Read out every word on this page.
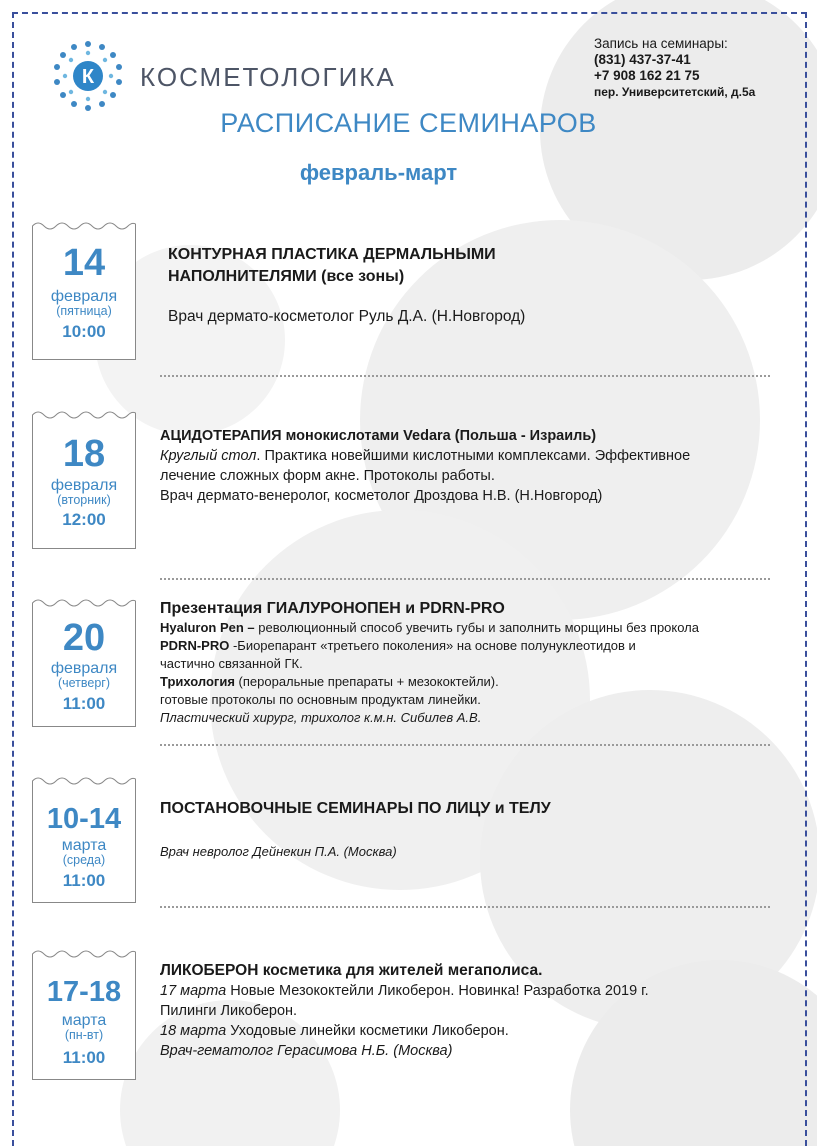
К КОСМЕТОЛОГИКА
Запись на семинары:
(831) 437-37-41
+7 908 162 21 75
пер. Университетский, д.5а
РАСПИСАНИЕ СЕМИНАРОВ
февраль-март
14
февраля
(пятница)
10:00

КОНТУРНАЯ ПЛАСТИКА ДЕРМАЛЬНЫМИ

НАПОЛНИТЕЛЯМИ (все зоны)

Врач дермато-косметолог Руль Д.А. (Н.Новгород)

18
февраля
(вторник)
12:00

АЦИДОТЕРАПИЯ монокислотами Vedara (Польша - Израиль)

Круглый стол. Практика новейшими кислотными комплексами. Эффективное

лечение сложных форм акне. Протоколы работы.

Врач дермато-венеролог, косметолог Дроздова Н.В. (Н.Новгород)

20
февраля
(четверг)
11:00

Презентация ГИАЛУРОНОПЕН и PDRN-PRO

Hyaluron Pen – революционный способ увечить губы и заполнить морщины без прокола

PDRN-PRO -Биорепарант «третьего поколения» на основе полунуклеотидов и

частично связанной ГК.

Трихология (пероральные препараты + мезококтейли).

готовые протоколы по основным продуктам линейки.

Пластический хирург, трихолог к.м.н. Сибилев А.В.

10-14
марта
(среда)
11:00

ПОСТАНОВОЧНЫЕ СЕМИНАРЫ ПО ЛИЦУ и ТЕЛУ

Врач невролог Дейнекин П.А. (Москва)

17-18
марта
(пн-вт)
11:00

ЛИКОБЕРОН косметика для жителей мегаполиса.

17 марта Новые Мезококтейли Ликоберон. Новинка! Разработка 2019 г.

Пилинги Ликоберон.

18 марта Уходовые линейки косметики Ликоберон.

Врач-гематолог Герасимова Н.Б. (Москва)
